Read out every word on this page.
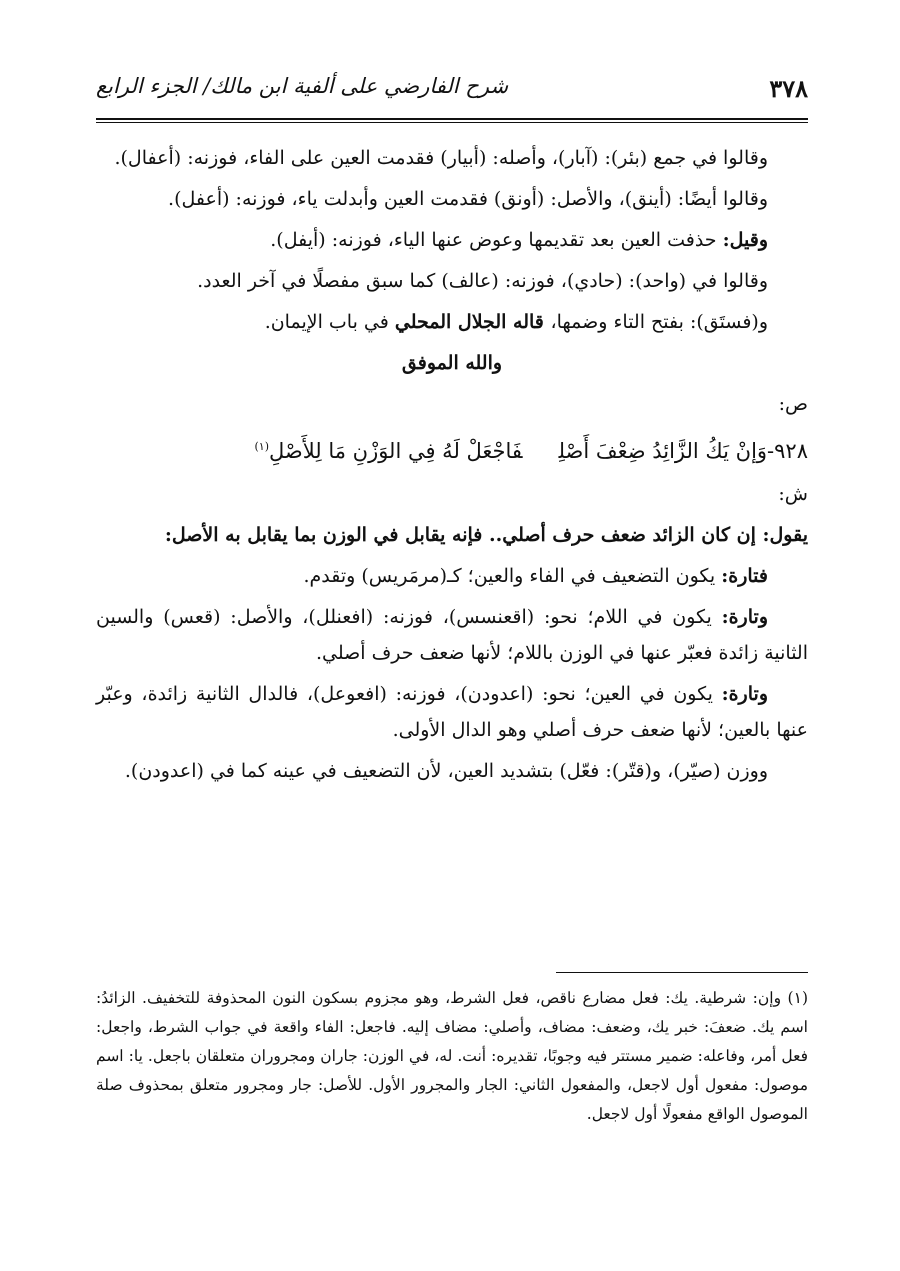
٣٧٨
شرح الفارضي على ألفية ابن مالك/ الجزء الرابع

وقالوا في جمع (بئر): (آبار)، وأصله: (أبيار) فقدمت العين على الفاء، فوزنه: (أعفال).

وقالوا أيضًا: (أينق)، والأصل: (أونق) فقدمت العين وأبدلت ياء، فوزنه: (أعفل).

وقيل: حذفت العين بعد تقديمها وعوض عنها الياء، فوزنه: (أيفل).

وقالوا في (واحد): (حادي)، فوزنه: (عالف) كما سبق مفصلًا في آخر العدد.

و(فستَق): بفتح التاء وضمها، قاله الجلال المحلي في باب الإيمان.

والله الموفق

ص:

٩٢٨-وَإنْ يَكُ الزَّائِدُ ضِعْفَ أَصْلِفَاجْعَلْ لَهُ فِي الوَزْنِ مَا لِلأَصْلِ$^{(١)}$

ش:

يقول: إن كان الزائد ضعف حرف أصلي.. فإنه يقابل في الوزن بما يقابل به الأصل:

فتارة: يكون التضعيف في الفاء والعين؛ كـ(مرمَريس) وتقدم.

وتارة: يكون في اللام؛ نحو: (اقعنسس)، فوزنه: (افعنلل)، والأصل: (قعس) والسين الثانية زائدة فعبّر عنها في الوزن باللام؛ لأنها ضعف حرف أصلي.

وتارة: يكون في العين؛ نحو: (اعدودن)، فوزنه: (افعوعل)، فالدال الثانية زائدة، وعبّر عنها بالعين؛ لأنها ضعف حرف أصلي وهو الدال الأولى.

ووزن (صيّر)، و(قتّر): فعّل) بتشديد العين، لأن التضعيف في عينه كما في (اعدودن).

(١) وإن: شرطية. يك: فعل مضارع ناقص، فعل الشرط، وهو مجزوم بسكون النون المحذوفة للتخفيف. الزائدُ: اسم يك. ضعفَ: خبر يك، وضعف: مضاف، وأصلي: مضاف إليه. فاجعل: الفاء واقعة في جواب الشرط، واجعل: فعل أمر، وفاعله: ضمير مستتر فيه وجوبًا، تقديره: أنت. له، في الوزن: جاران ومجروران متعلقان باجعل. يا: اسم موصول: مفعول أول لاجعل، والمفعول الثاني: الجار والمجرور الأول. للأصل: جار ومجرور متعلق بمحذوف صلة الموصول الواقع مفعولًا أول لاجعل.
